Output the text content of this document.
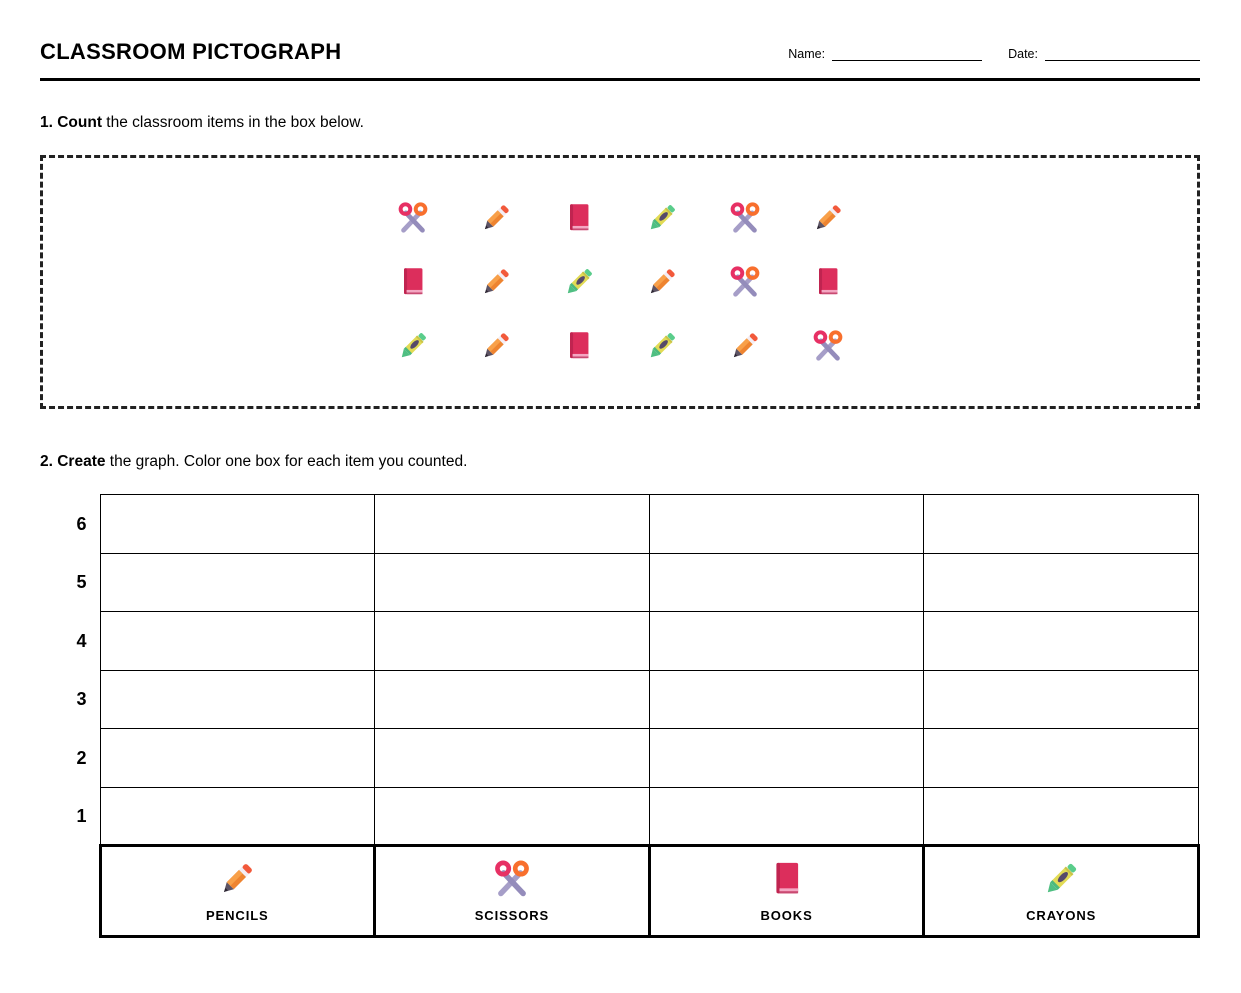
CLASSROOM PICTOGRAPH	Name:	Date:

1. Count the classroom items in the box below.

2. Create the graph. Color one box for each item you counted.

6				
5				
4				
3				
2				
1				

	PENCILS	SCISSORS	BOOKS	CRAYONS
